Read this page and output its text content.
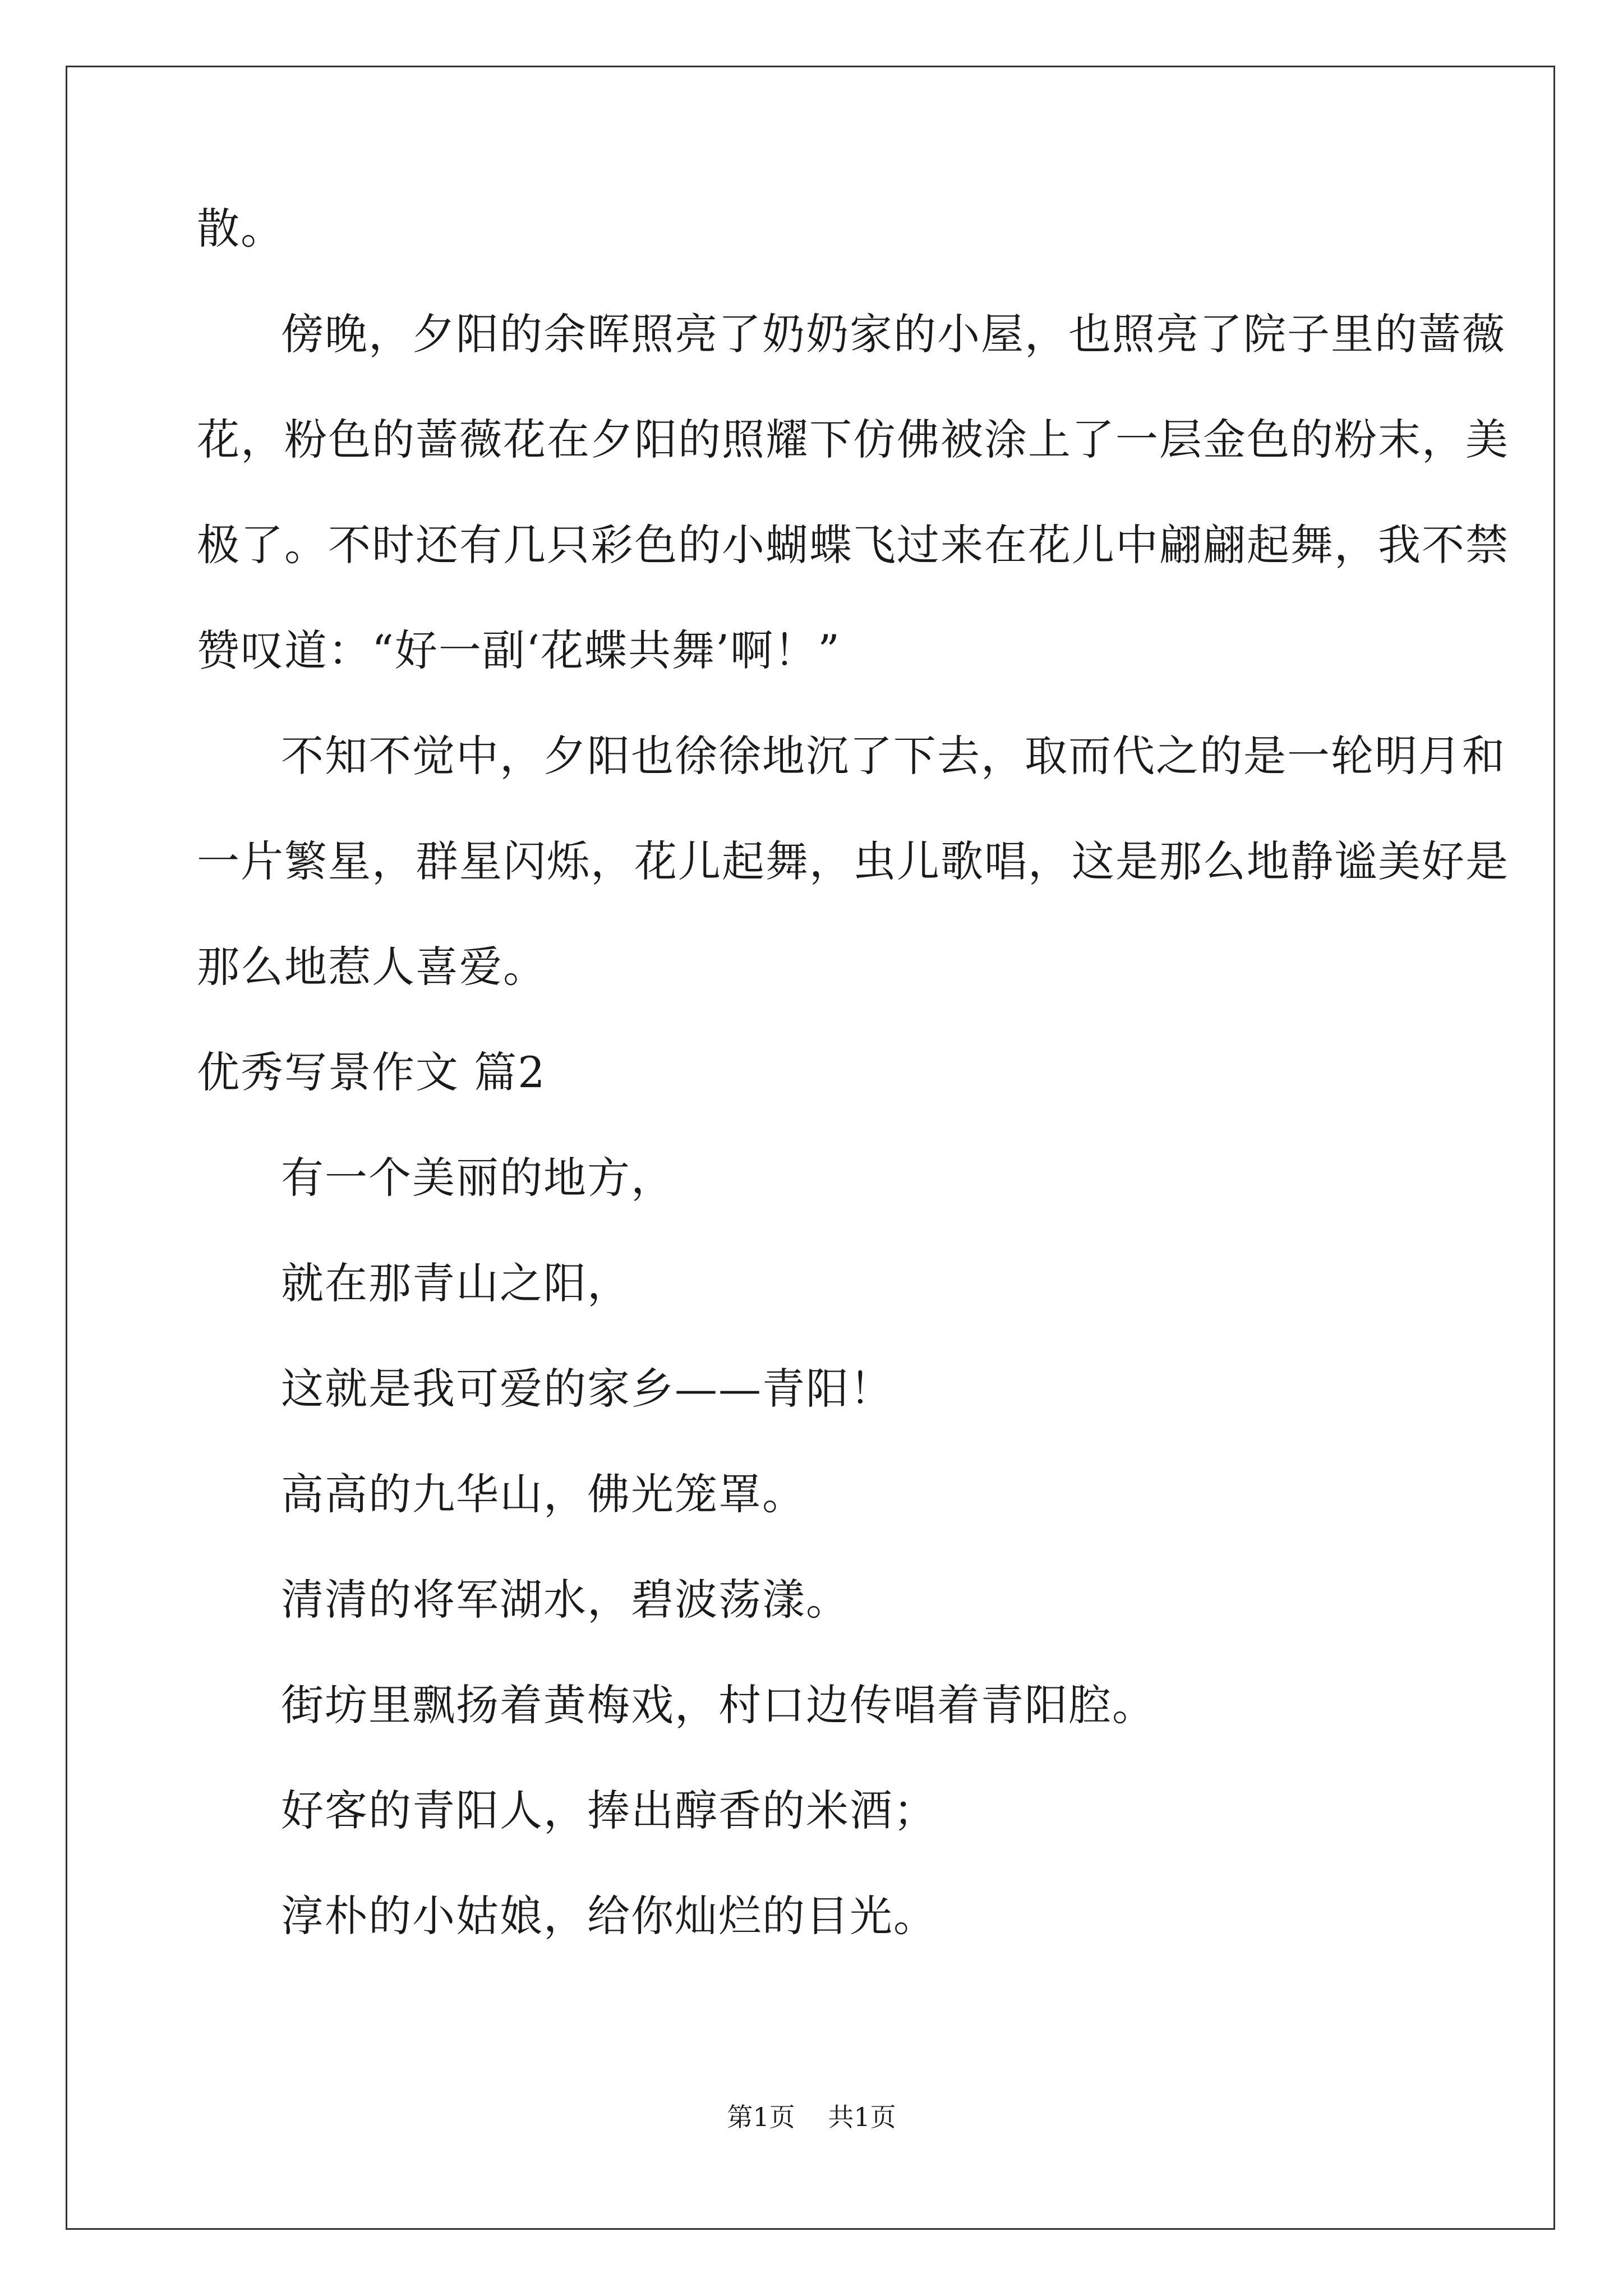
散。
傍晚，夕阳的余晖照亮了奶奶家的小屋，也照亮了院子里的蔷薇
花，粉色的蔷薇花在夕阳的照耀下仿佛被涂上了一层金色的粉末，美
极了。不时还有几只彩色的小蝴蝶飞过来在花儿中翩翩起舞，我不禁
赞叹道：“好一副‘花蝶共舞’啊！”
不知不觉中，夕阳也徐徐地沉了下去，取而代之的是一轮明月和
一片繁星，群星闪烁，花儿起舞，虫儿歌唱，这是那么地静谧美好是
那么地惹人喜爱。
优秀写景作文 篇2
有一个美丽的地方，
就在那青山之阳，
这就是我可爱的家乡——青阳！
高高的九华山，佛光笼罩。
清清的将军湖水，碧波荡漾。
街坊里飘扬着黄梅戏，村口边传唱着青阳腔。
好客的青阳人，捧出醇香的米酒；
淳朴的小姑娘，给你灿烂的目光。
第1页 共1页
